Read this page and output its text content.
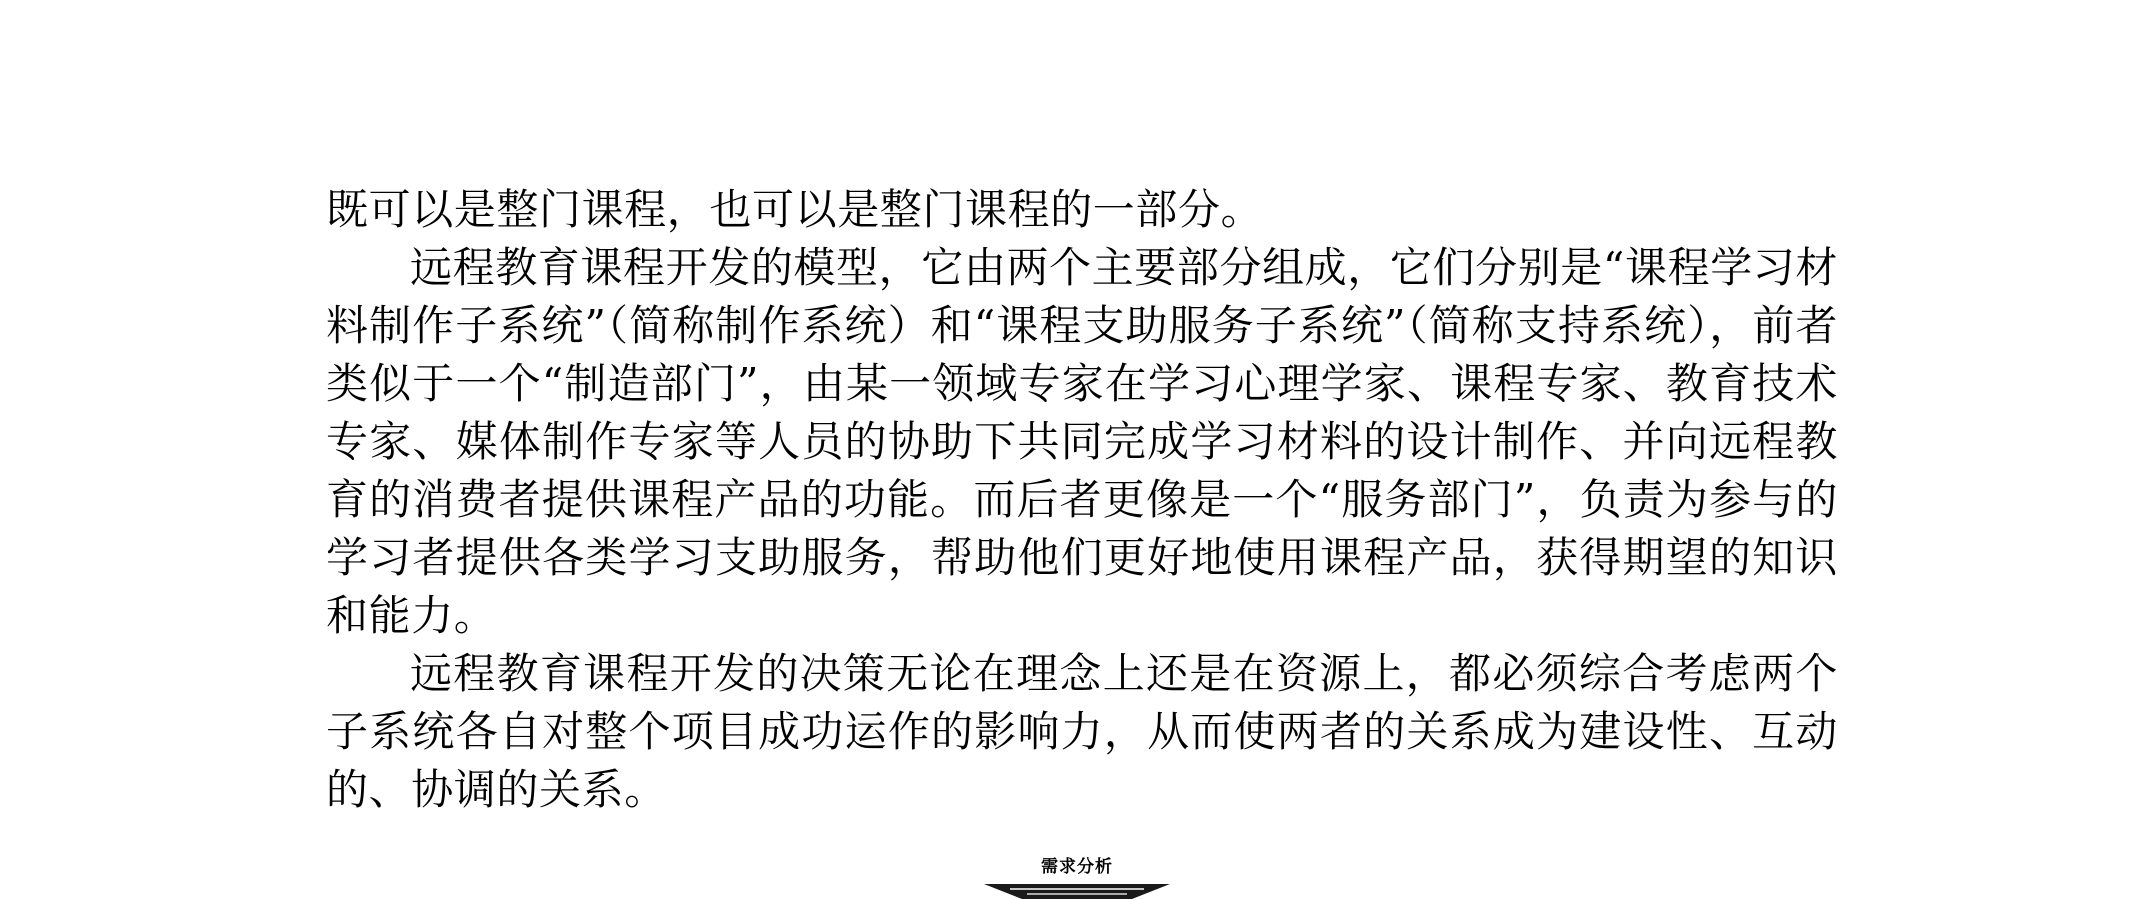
既可以是整门课程，也可以是整门课程的一部分。

远程教育课程开发的模型，它由两个主要部分组成，它们分别是“课程学习材料制作子系统”（简称制作系统）和“课程支助服务子系统”（简称支持系统），前者类似于一个“制造部门”，由某一领域专家在学习心理学家、课程专家、教育技术专家、媒体制作专家等人员的协助下共同完成学习材料的设计制作、并向远程教育的消费者提供课程产品的功能。而后者更像是一个“服务部门”，负责为参与的学习者提供各类学习支助服务，帮助他们更好地使用课程产品，获得期望的知识和能力。

远程教育课程开发的决策无论在理念上还是在资源上，都必须综合考虑两个子系统各自对整个项目成功运作的影响力，从而使两者的关系成为建设性、互动的、协调的关系。

需求分析
